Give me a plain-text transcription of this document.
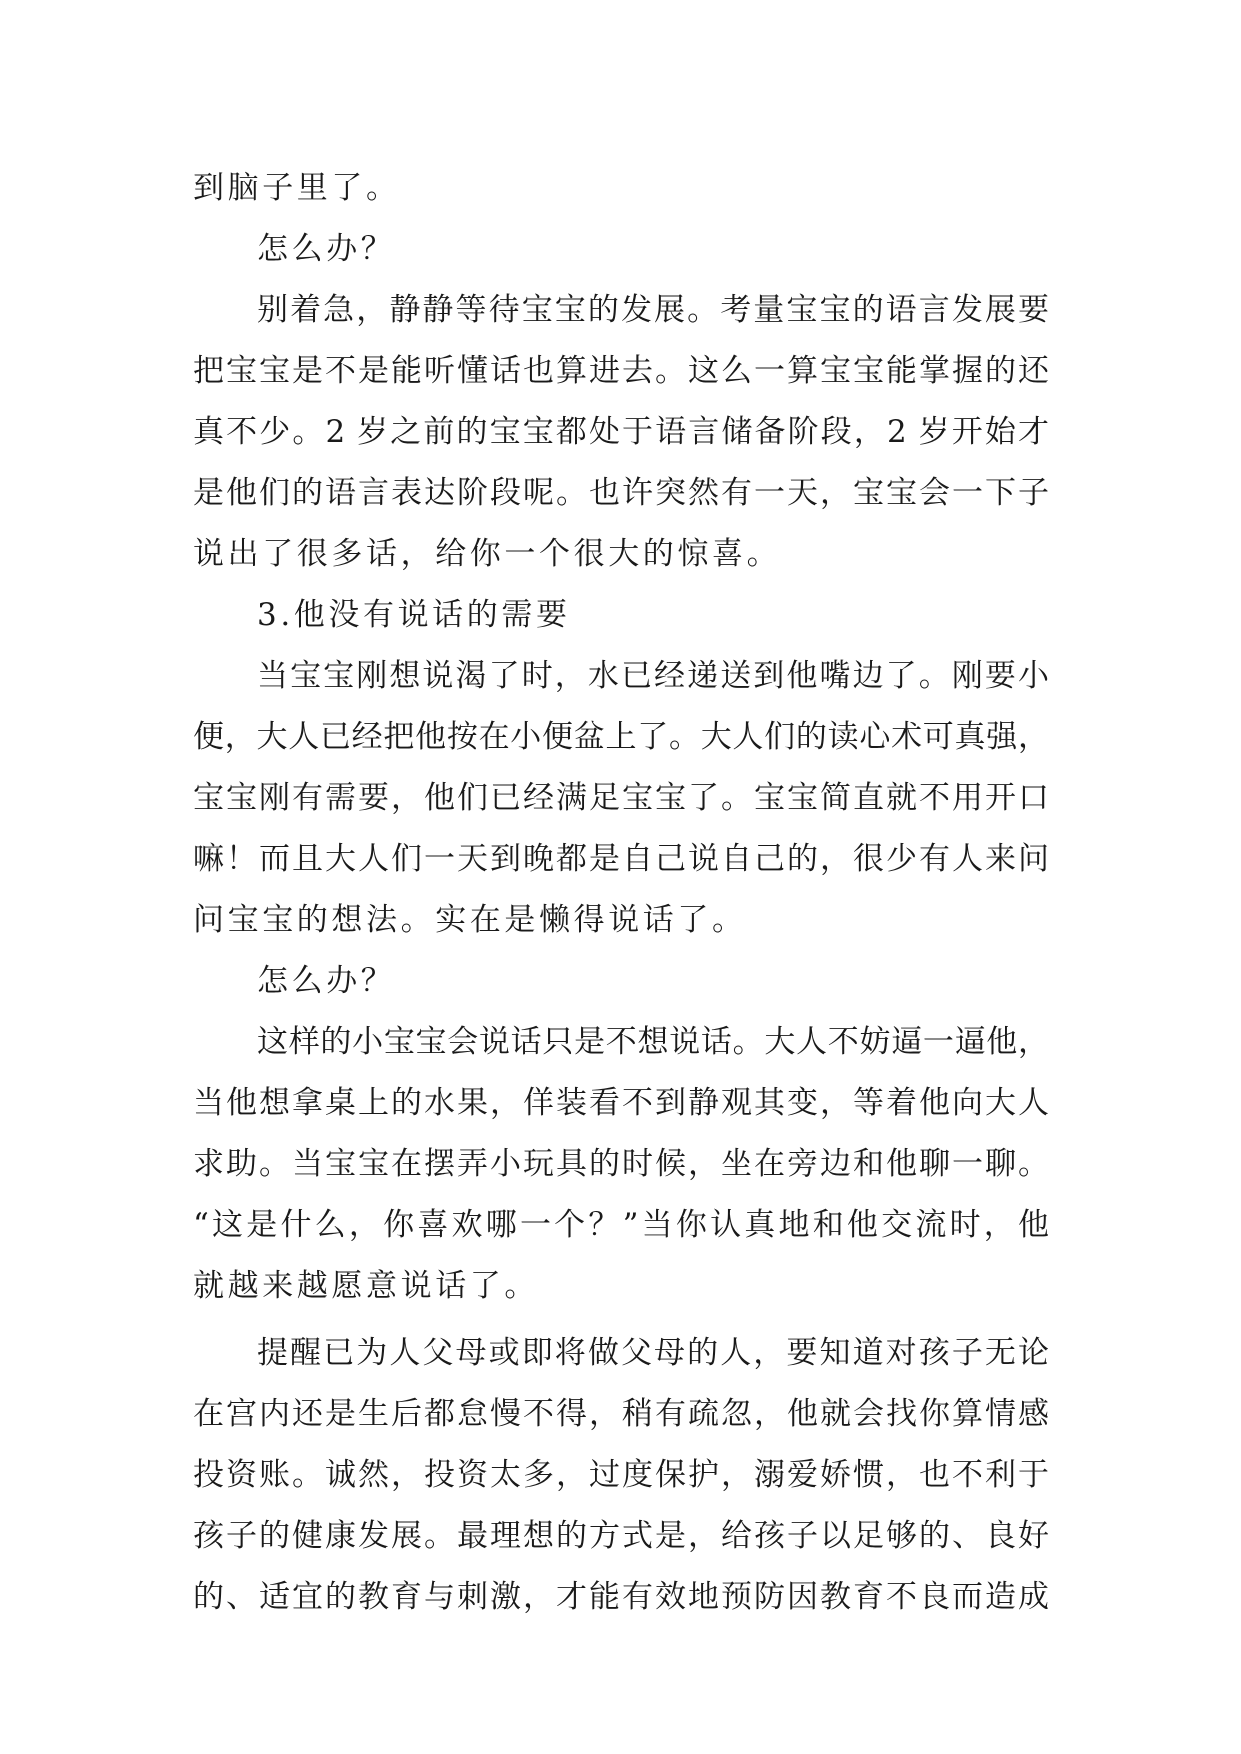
到脑子里了。
怎么办？
别着急，静静等待宝宝的发展。考量宝宝的语言发展要
把宝宝是不是能听懂话也算进去。这么一算宝宝能掌握的还
真不少。2 岁之前的宝宝都处于语言储备阶段，2 岁开始才
是他们的语言表达阶段呢。也许突然有一天，宝宝会一下子
说出了很多话，给你一个很大的惊喜。
3.他没有说话的需要
当宝宝刚想说渴了时，水已经递送到他嘴边了。刚要小
便，大人已经把他按在小便盆上了。大人们的读心术可真强，
宝宝刚有需要，他们已经满足宝宝了。宝宝简直就不用开口
嘛！而且大人们一天到晚都是自己说自己的，很少有人来问
问宝宝的想法。实在是懒得说话了。
怎么办？
这样的小宝宝会说话只是不想说话。大人不妨逼一逼他，
当他想拿桌上的水果，佯装看不到静观其变，等着他向大人
求助。当宝宝在摆弄小玩具的时候，坐在旁边和他聊一聊。
“这是什么，你喜欢哪一个？”当你认真地和他交流时，他
就越来越愿意说话了。
提醒已为人父母或即将做父母的人，要知道对孩子无论
在宫内还是生后都怠慢不得，稍有疏忽，他就会找你算情感
投资账。诚然，投资太多，过度保护，溺爱娇惯，也不利于
孩子的健康发展。最理想的方式是，给孩子以足够的、良好
的、适宜的教育与刺激，才能有效地预防因教育不良而造成
